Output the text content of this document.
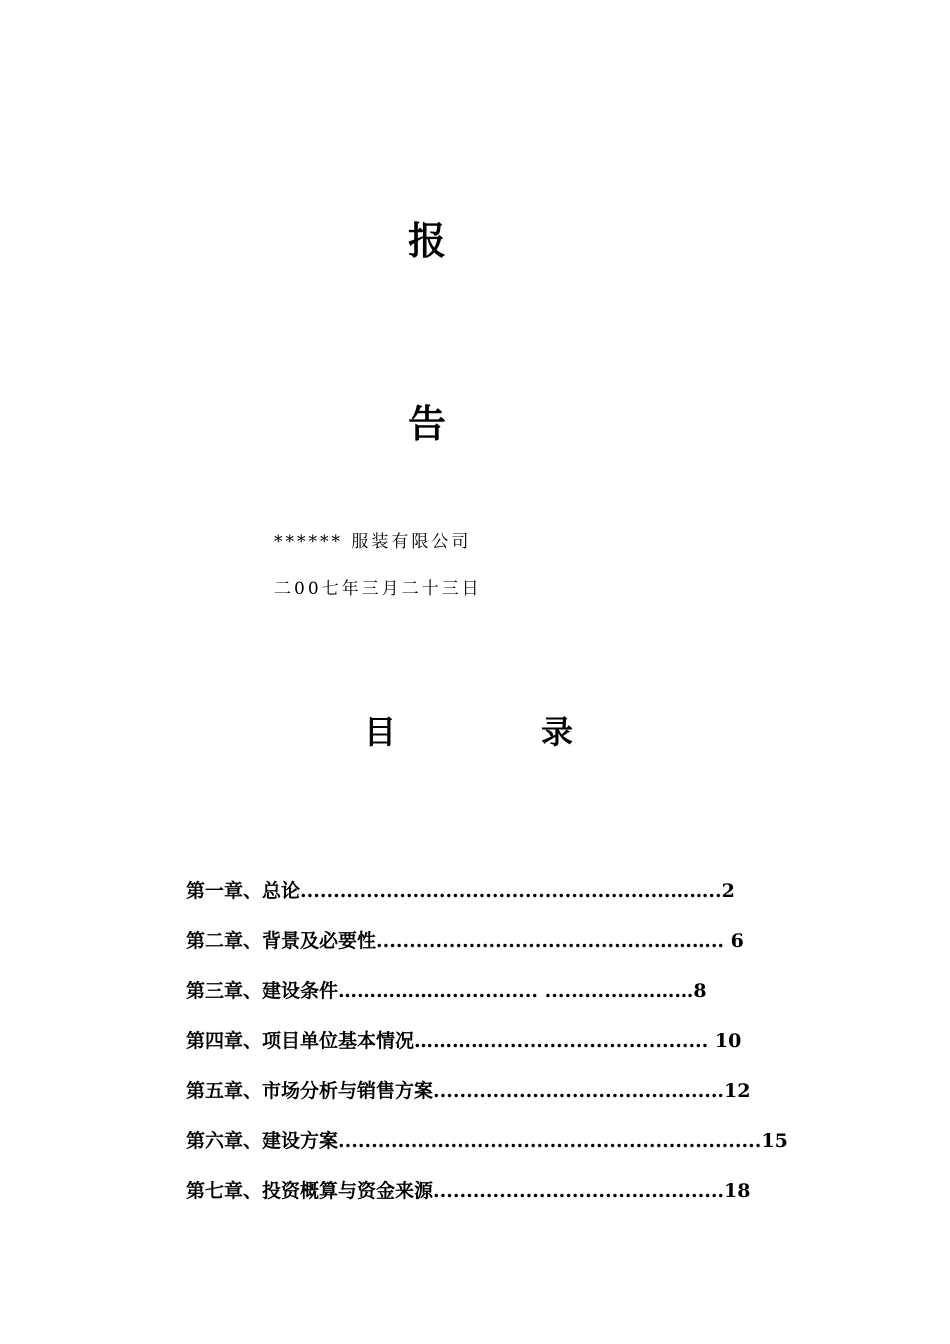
报
告
****** 服装有限公司
二00七年三月二十三日
目	录
第一章、总论........................................................……..2
第二章、背景及必要性..........................................……….. 6
第三章、建设条件………………............. ...........…………8
第四章、项目单位基本情况…………................................. 10
第五章、市场分析与销售方案............................................12
第六章、建设方案................................................................15
第七章、投资概算与资金来源............................................18
